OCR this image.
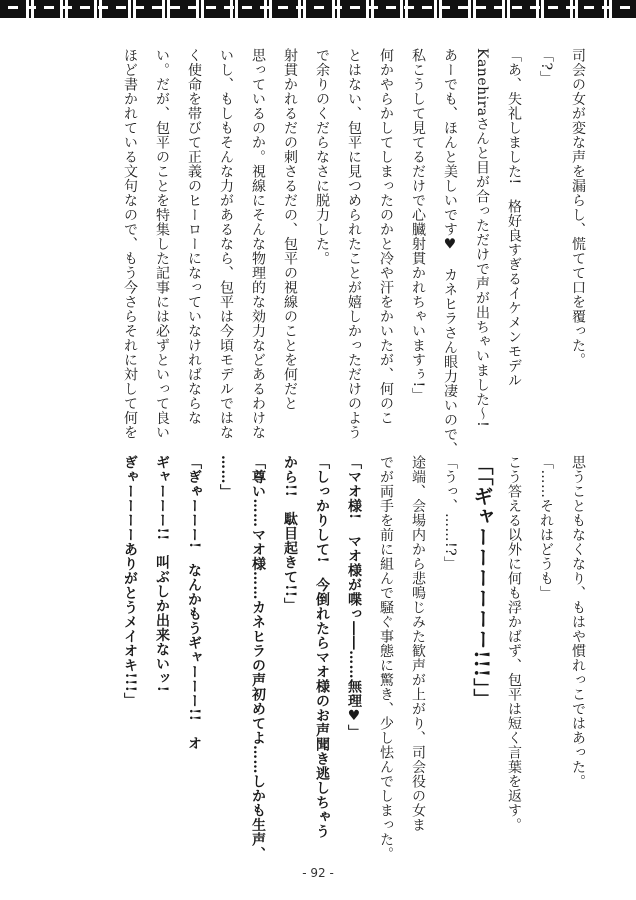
司会の女が変な声を漏らし、慌てて口を覆った。
「?」
「あ、失礼しました!　格好良すぎるイケメンモデル
Kanehiraさんと目が合っただけで声が出ちゃいました～!
あーでも、ほんと美しいです♥　カネヒラさん眼力凄いので、
私こうして見てるだけで心臓射貫かれちゃいますぅ!」
何かやらかしてしまったのかと冷や汗をかいたが、何のこ
とはない、包平に見つめられたことが嬉しかっただけのよう
で余りのくだらなさに脱力した。
射貫かれるだの刺さるだの、包平の視線のことを何だと
思っているのか。視線にそんな物理的な効力などあるわけな
いし、もしもそんな力があるなら、包平は今頃モデルではな
く使命を帯びて正義のヒーローになっていなければならな
い。だが、包平のことを特集した記事には必ずといって良い
ほど書かれている文句なので、もう今さらそれに対して何を
思うこともなくなり、もはや慣れっこではあった。
「……それはどうも」
こう答える以外に何も浮かばず、包平は短く言葉を返す。
「「ギャーーーーーー!!!」」
「うっ、……!?」
途端、会場内から悲鳴じみた歓声が上がり、司会役の女ま
でが両手を前に組んで騒ぐ事態に驚き、少し怯んでしまった。
「マオ様!　マオ様が喋っ――……無理♥」
「しっかりして!　今倒れたらマオ様のお声聞き逃しちゃう
から!!　駄目起きて!!」
「尊い……マオ様……カネヒラの声初めてよ……しかも生声、
……」
「ぎゃーーー!　なんかもうギャーーー!!　オ
ギャーーー!!　叫ぶしか出来ないッ!
ぎゃーーーーありがとうメイオキ!!!」
- 92 -
